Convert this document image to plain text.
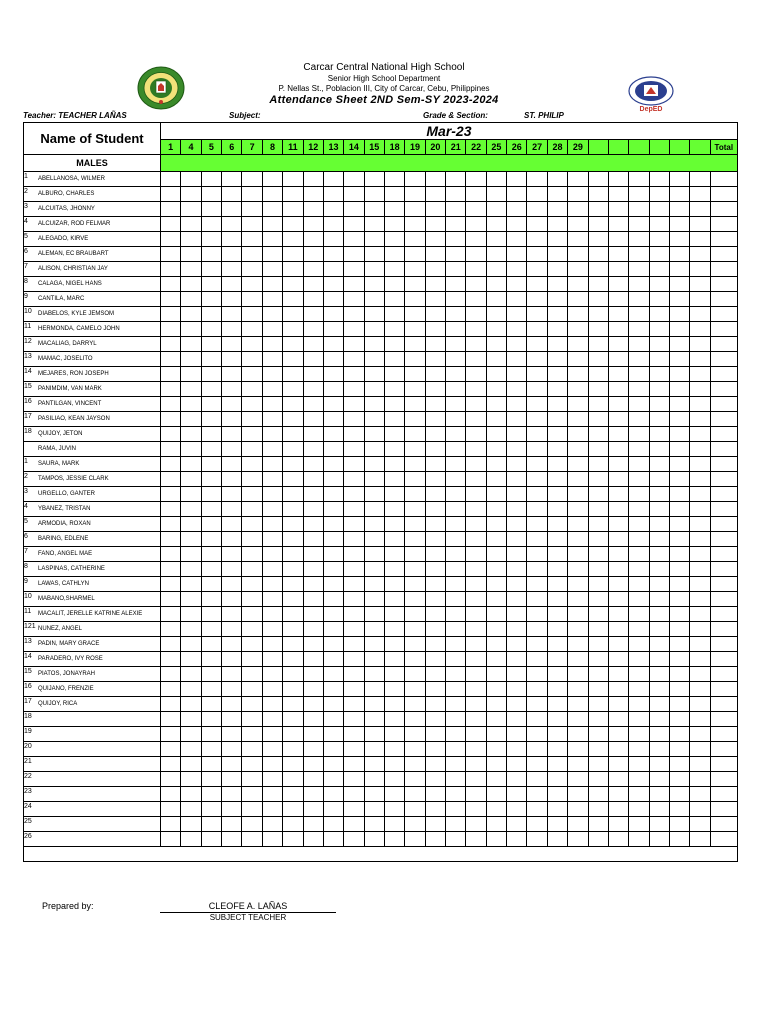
DepED
Carcar Central National High School
Senior High School Department
P. Nellas St., Poblacion III, City of Carcar, Cebu, Philippines
Attendance Sheet 2ND Sem-SY 2023-2024
Teacher: TEACHER LAÑAS	Subject:	Grade & Section:	ST. PHILIP
Name of Student	Mar-23																											
	1	4	5	6	7	8	11	12	13	14	15	18	19	20	21	22	25	26	27	28	29							Total
MALES																												

1 ABELLANOSA, WILMER																												

2 ALBURO, CHARLES																												

3 ALCUITAS, JHONNY																												

4 ALCUIZAR, ROD FELMAR																												

5 ALEGADO, KIRVE																												

6 ALEMAN, EC BRAUBART																												

7 ALISON, CHRISTIAN JAY																												

8 CALAGA, NIGEL HANS																												

9 CANTILA, MARC																												

10 DIABELOS, KYLE JEMSOM																												

11 HERMONDA, CAMELO JOHN																												

12 MACALIAG, DARRYL																												

13 MAMAC, JOSELITO																												

14 MEJARES, RON JOSEPH																												

15 PANIMDIM, VAN MARK																												

16 PANTILGAN, VINCENT																												

17 PASILIAO, KEAN JAYSON																												

18 QUIJOY, JETON																												

RAMA, JUVIN																												

1 SAURA, MARK																												

2 TAMPOS, JESSIE CLARK																												

3 URGELLO, GANTER																												

4 YBANEZ, TRISTAN																												

5 ARMODIA, ROXAN																												

6 BARING, EDLENE																												

7 FANO, ANGEL MAE																												

8 LASPINAS, CATHERINE																												

9 LAWAS, CATHLYN																												

10 MABANO,SHARMEL																												

11 MACALIT, JERELLE KATRINE ALEXIE																												

121 NUNEZ, ANGEL																												

13 PADIN, MARY GRACE																												

14 PARADERO, IVY ROSE																												

15 PIATOS, JONAYRAH																												

16 QUIJANO, FRENZIE																												

17 QUIJOY, RICA																												

18																												

19																												

20																												

21																												

22																												

23																												

24																												

25																												

26																												

Prepared by:	CLEOFE A. LAÑAS
SUBJECT TEACHER
